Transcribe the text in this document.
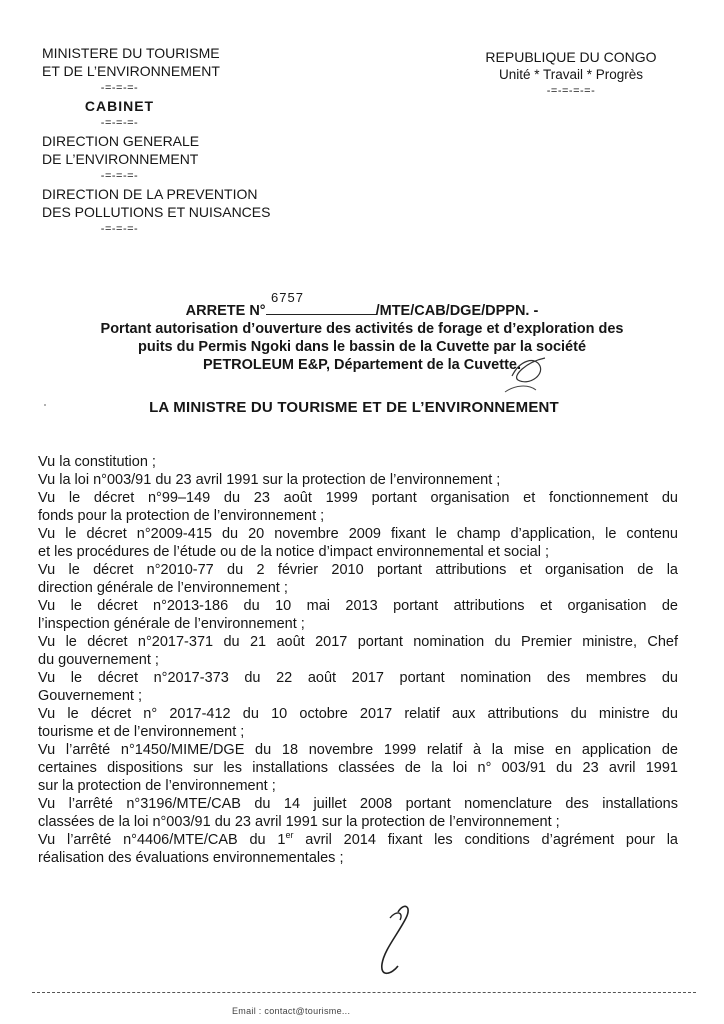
MINISTERE DU TOURISME
ET DE L’ENVIRONNEMENT
-=-=-=-
CABINET
-=-=-=-
DIRECTION GENERALE
DE L’ENVIRONNEMENT
-=-=-=-
DIRECTION DE LA PREVENTION
DES POLLUTIONS ET NUISANCES
-=-=-=-
REPUBLIQUE DU CONGO
Unité * Travail * Progrès
-=-=-=-=-
6757
ARRETE N°	/MTE/CAB/DGE/DPPN. -
Portant autorisation d’ouverture des activités de forage et d’exploration des
puits du Permis Ngoki dans le bassin de la Cuvette par la société
PETROLEUM E&P, Département de la Cuvette.
LA MINISTRE DU TOURISME ET DE L’ENVIRONNEMENT

Vu la constitution ;

Vu la loi n°003/91 du 23 avril 1991 sur la protection de l’environnement ;

Vu le décret n°99–149 du 23 août 1999 portant organisation et fonctionnement du
fonds pour la protection de l’environnement ;

Vu le décret n°2009-415 du 20 novembre 2009 fixant le champ d’application, le contenu
et les procédures de l’étude ou de la notice d’impact environnemental et social ;

Vu le décret n°2010-77 du 2 février 2010 portant attributions et organisation de la
direction générale de l’environnement ;

Vu le décret n°2013-186 du 10 mai 2013 portant attributions et organisation de
l’inspection générale de l’environnement ;

Vu le décret n°2017-371 du 21 août 2017 portant nomination du Premier ministre, Chef
du gouvernement ;

Vu le décret n°2017-373 du 22 août 2017 portant nomination des membres du
Gouvernement ;

Vu le décret n° 2017-412 du 10 octobre 2017 relatif aux attributions du ministre du
tourisme et de l’environnement ;

Vu l’arrêté n°1450/MIME/DGE du 18 novembre 1999 relatif à la mise en application de
certaines dispositions sur les installations classées de la loi n° 003/91 du 23 avril 1991
sur la protection de l’environnement ;

Vu l’arrêté n°3196/MTE/CAB du 14 juillet 2008 portant nomenclature des installations
classées de la loi n°003/91 du 23 avril 1991 sur la protection de l’environnement ;

Vu l’arrêté n°4406/MTE/CAB du 1er avril 2014 fixant les conditions d’agrément pour la
réalisation des évaluations environnementales ;

Email : contact@tourisme...
